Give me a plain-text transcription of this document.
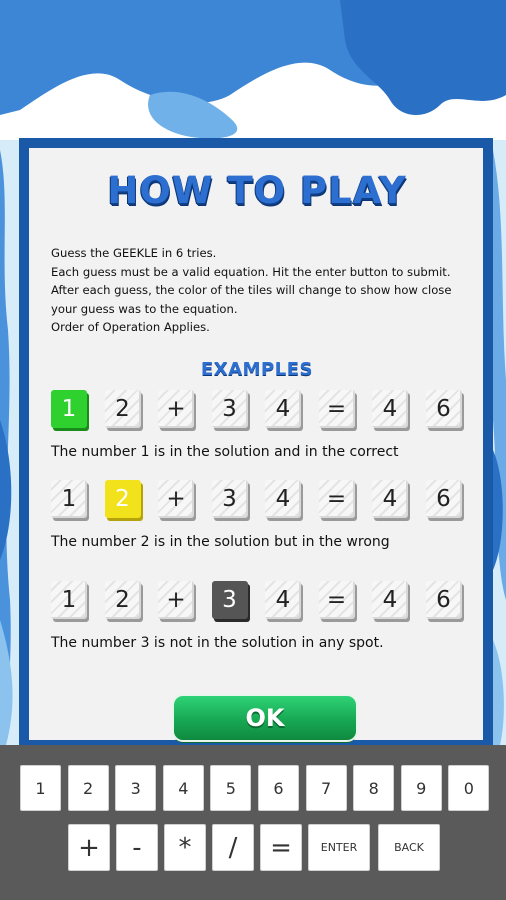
HOW TO PLAY

Guess the GEEKLE in 6 tries.

Each guess must be a valid equation. Hit the enter button to submit.

After each guess, the color of the tiles will change to show how close your guess was to the equation.

Order of Operation Applies.

EXAMPLES
1	2	+	3	4	=	4	6
The number 1 is in the solution and in the correct
1	2	+	3	4	=	4	6
The number 2 is in the solution but in the wrong
1	2	+	3	4	=	4	6
The number 3 is not in the solution in any spot.
OK
1	2	3	4	5	6	7	8	9	0
+	-	*	/	=	ENTER	BACK
